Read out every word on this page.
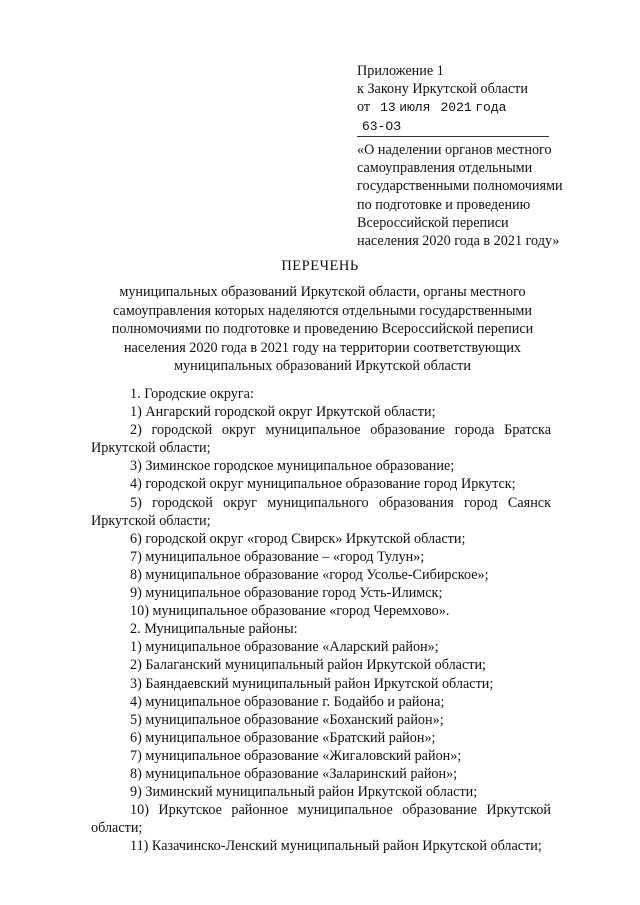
Приложение 1
к Закону Иркутской области
от 13 июля 2021 года
63-ОЗ
«О наделении органов местного
самоуправления отдельными
государственными полномочиями
по подготовке и проведению
Всероссийской переписи
населения 2020 года в 2021 году»
ПЕРЕЧЕНЬ
муниципальных образований Иркутской области, органы местного
самоуправления которых наделяются отдельными государственными
полномочиями по подготовке и проведению Всероссийской переписи
населения 2020 года в 2021 году на территории соответствующих
муниципальных образований Иркутской области
1. Городские округа:
1) Ангарский городской округ Иркутской области;
2) городской округ муниципальное образование города Братска Иркутской области;
3) Зиминское городское муниципальное образование;
4) городской округ муниципальное образование город Иркутск;
5) городской округ муниципального образования город Саянск Иркутской области;
6) городской округ «город Свирск» Иркутской области;
7) муниципальное образование – «город Тулун»;
8) муниципальное образование «город Усолье-Сибирское»;
9) муниципальное образование город Усть-Илимск;
10) муниципальное образование «город Черемхово».
2. Муниципальные районы:
1) муниципальное образование «Аларский район»;
2) Балаганский муниципальный район Иркутской области;
3) Баяндаевский муниципальный район Иркутской области;
4) муниципальное образование г. Бодайбо и района;
5) муниципальное образование «Боханский район»;
6) муниципальное образование «Братский район»;
7) муниципальное образование «Жигаловский район»;
8) муниципальное образование «Заларинский район»;
9) Зиминский муниципальный район Иркутской области;
10) Иркутское районное муниципальное образование Иркутской области;
11) Казачинско-Ленский муниципальный район Иркутской области;
